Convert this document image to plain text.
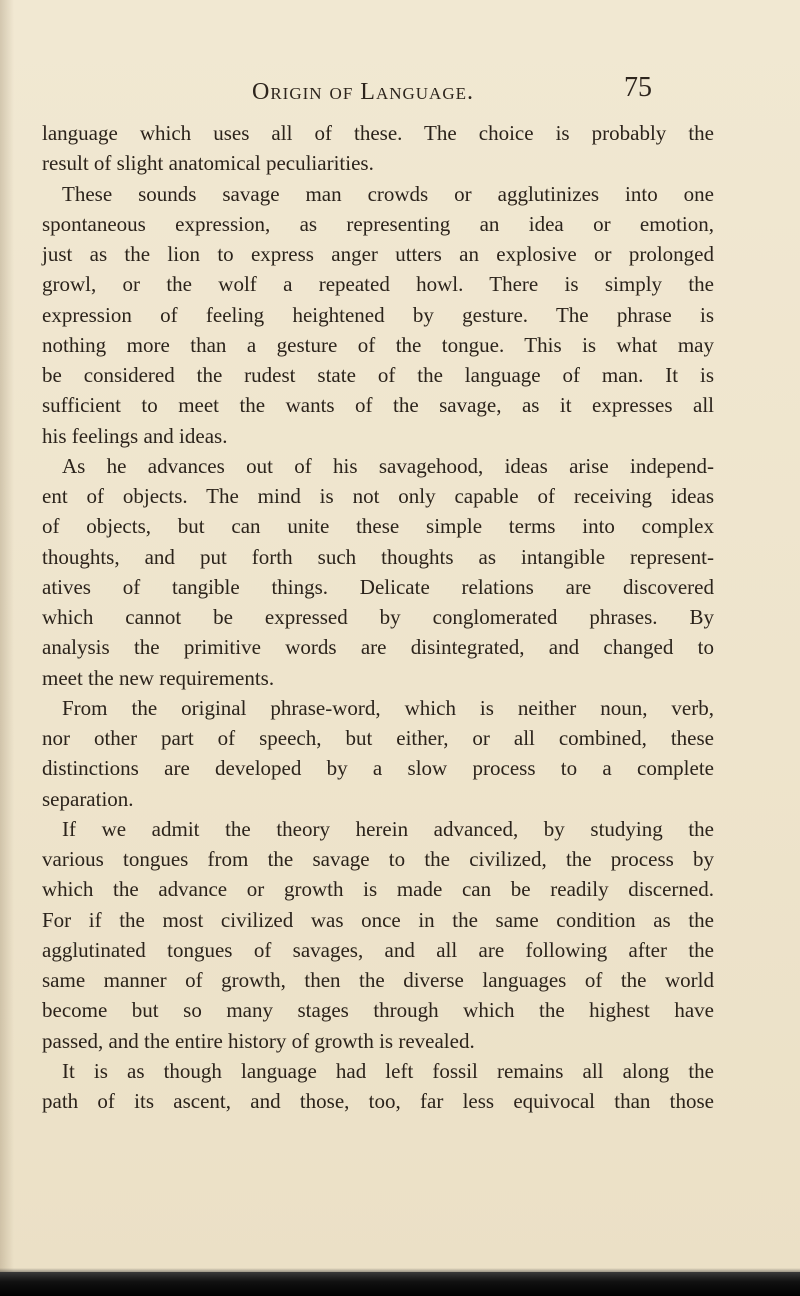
Origin of Language.	75
language which uses all of these. The choice is probably the
result of slight anatomical peculiarities.
These sounds savage man crowds or agglutinizes into one
spontaneous expression, as representing an idea or emotion,
just as the lion to express anger utters an explosive or prolonged
growl, or the wolf a repeated howl. There is simply the
expression of feeling heightened by gesture. The phrase is
nothing more than a gesture of the tongue. This is what may
be considered the rudest state of the language of man. It is
sufficient to meet the wants of the savage, as it expresses all
his feelings and ideas.
As he advances out of his savagehood, ideas arise independ-
ent of objects. The mind is not only capable of receiving ideas
of objects, but can unite these simple terms into complex
thoughts, and put forth such thoughts as intangible represent-
atives of tangible things. Delicate relations are discovered
which cannot be expressed by conglomerated phrases. By
analysis the primitive words are disintegrated, and changed to
meet the new requirements.
From the original phrase-word, which is neither noun, verb,
nor other part of speech, but either, or all combined, these
distinctions are developed by a slow process to a complete
separation.
If we admit the theory herein advanced, by studying the
various tongues from the savage to the civilized, the process by
which the advance or growth is made can be readily discerned.
For if the most civilized was once in the same condition as the
agglutinated tongues of savages, and all are following after the
same manner of growth, then the diverse languages of the world
become but so many stages through which the highest have
passed, and the entire history of growth is revealed.
It is as though language had left fossil remains all along the
path of its ascent, and those, too, far less equivocal than those
